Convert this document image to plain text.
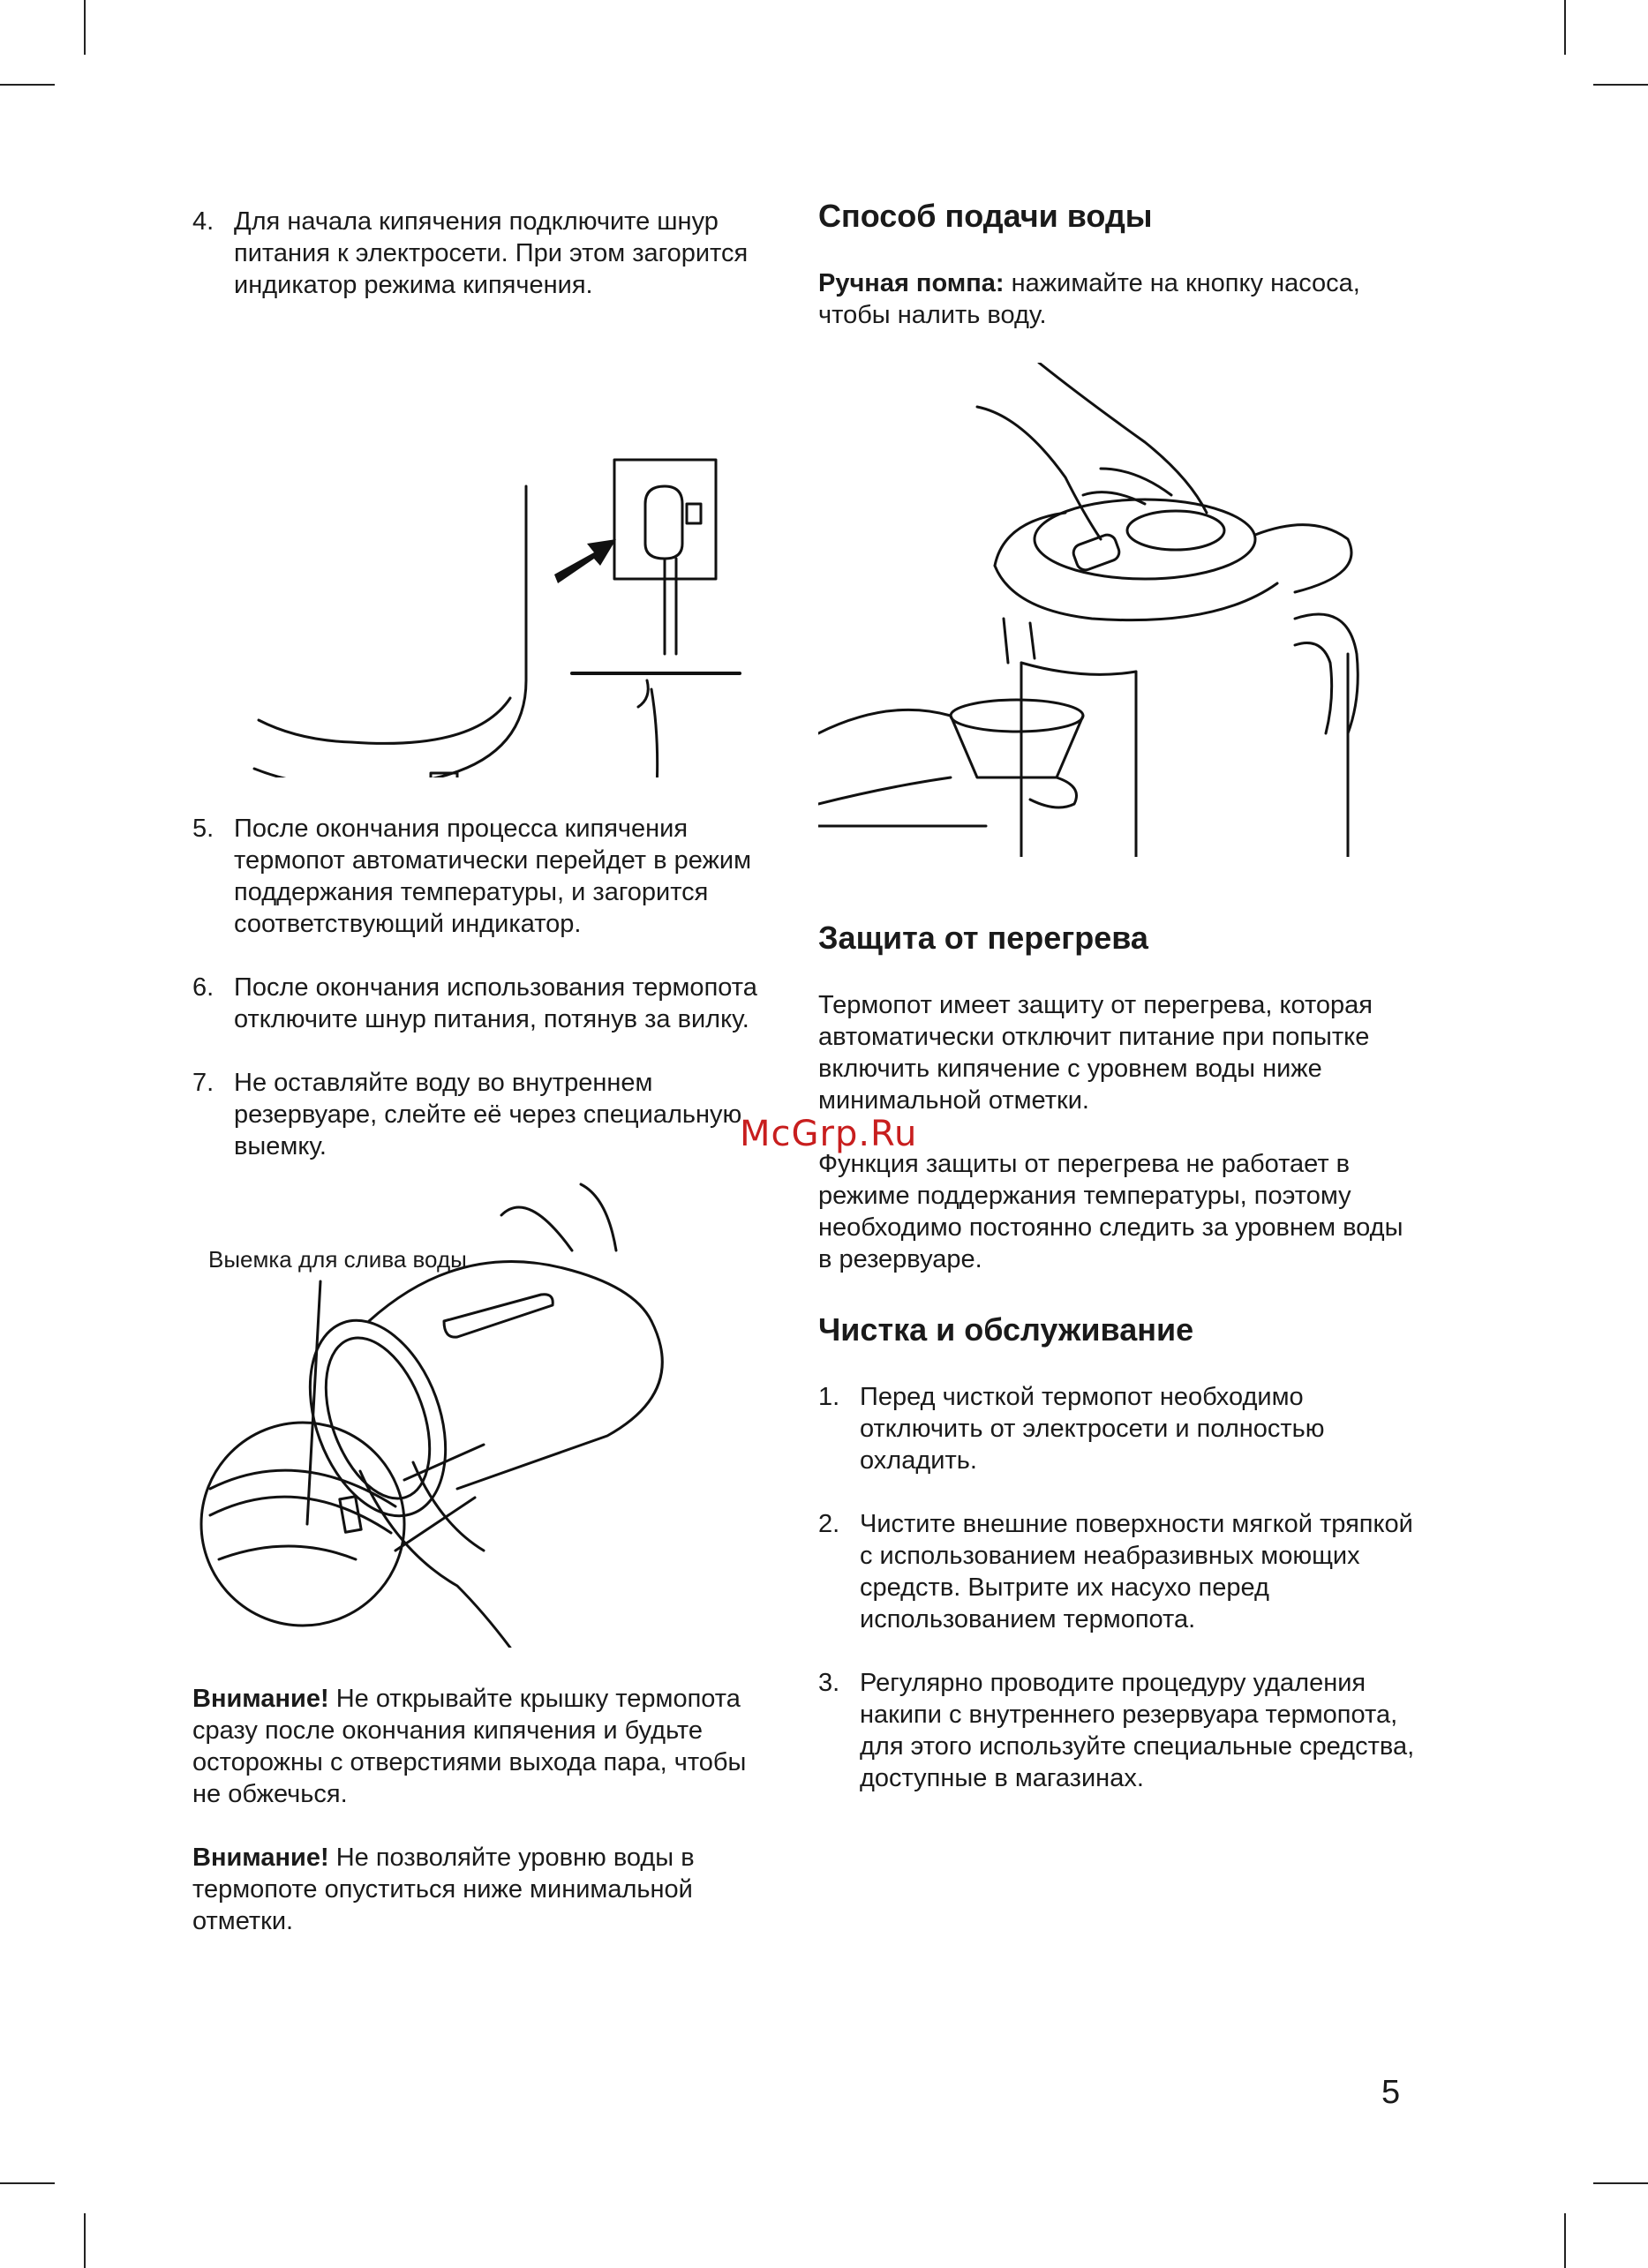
4. Для начала кипячения подключите шнур питания к электросети. При этом загорится индикатор режима кипячения.
5. После окончания процесса кипячения термопот автоматически перейдет в режим поддержания температуры, и загорится соответствующий индикатор.
6. После окончания использования термопота отключите шнур питания, потянув за вилку.
7. Не оставляйте воду во внутреннем резервуаре, слейте её через специальную выемку.
Выемка для слива воды

Внимание! Не открывайте крышку термопота сразу после окончания кипячения и будьте осторожны с отверстиями выхода пара, чтобы не обжечься.

Внимание! Не позволяйте уровню воды в термопоте опуститься ниже минимальной отметки.

Способ подачи воды

Ручная помпа: нажимайте на кнопку насоса, чтобы налить воду.

Защита от перегрева

Термопот имеет защиту от перегрева, которая автоматически отключит питание при попытке включить кипячение с уровнем воды ниже минимальной отметки.

Функция защиты от перегрева не работает в режиме поддержания температуры, поэтому необходимо постоянно следить за уровнем воды в резервуаре.

Чистка и обслуживание
1. Перед чисткой термопот необходимо отключить от электросети и полностью охладить.
2. Чистите внешние поверхности мягкой тряпкой с использованием неабразивных моющих средств. Вытрите их насухо перед использованием термопота.
3. Регулярно проводите процедуру удаления накипи с внутреннего резервуара термопота, для этого используйте специальные средства, доступные в магазинах.
McGrp.Ru
5
